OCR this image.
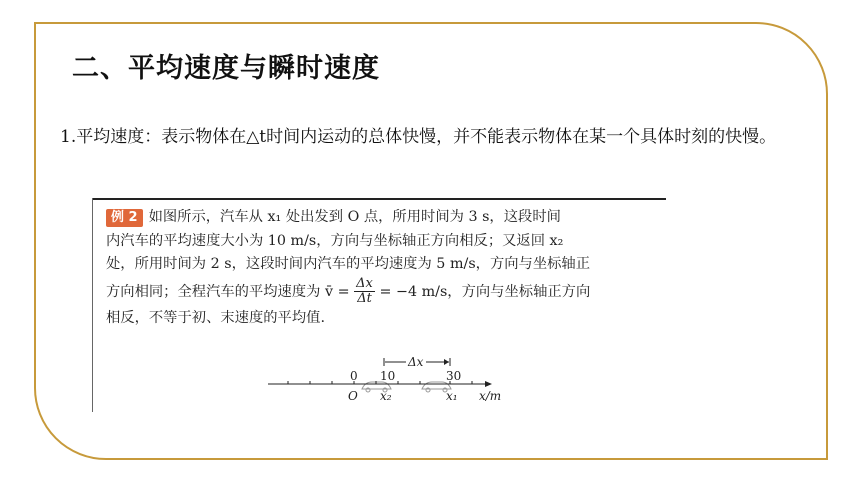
二、平均速度与瞬时速度
1.平均速度：表示物体在△t时间内运动的总体快慢，并不能表示物体在某一个具体时刻的快慢。
例 2 如图所示，汽车从 x₁ 处出发到 O 点，所用时间为 3 s，这段时间
内汽车的平均速度大小为 10 m/s，方向与坐标轴正方向相反；又返回 x₂
处，所用时间为 2 s，这段时间内汽车的平均速度为 5 m/s，方向与坐标轴正
方向相同；全程汽车的平均速度为 v̄ = $\frac{\Delta x}{\Delta t} = -4$ m/s，方向与坐标轴正方向
相反，不等于初、末速度的平均值.
Δx
0 10	30
O x₂	x₁ x/m
